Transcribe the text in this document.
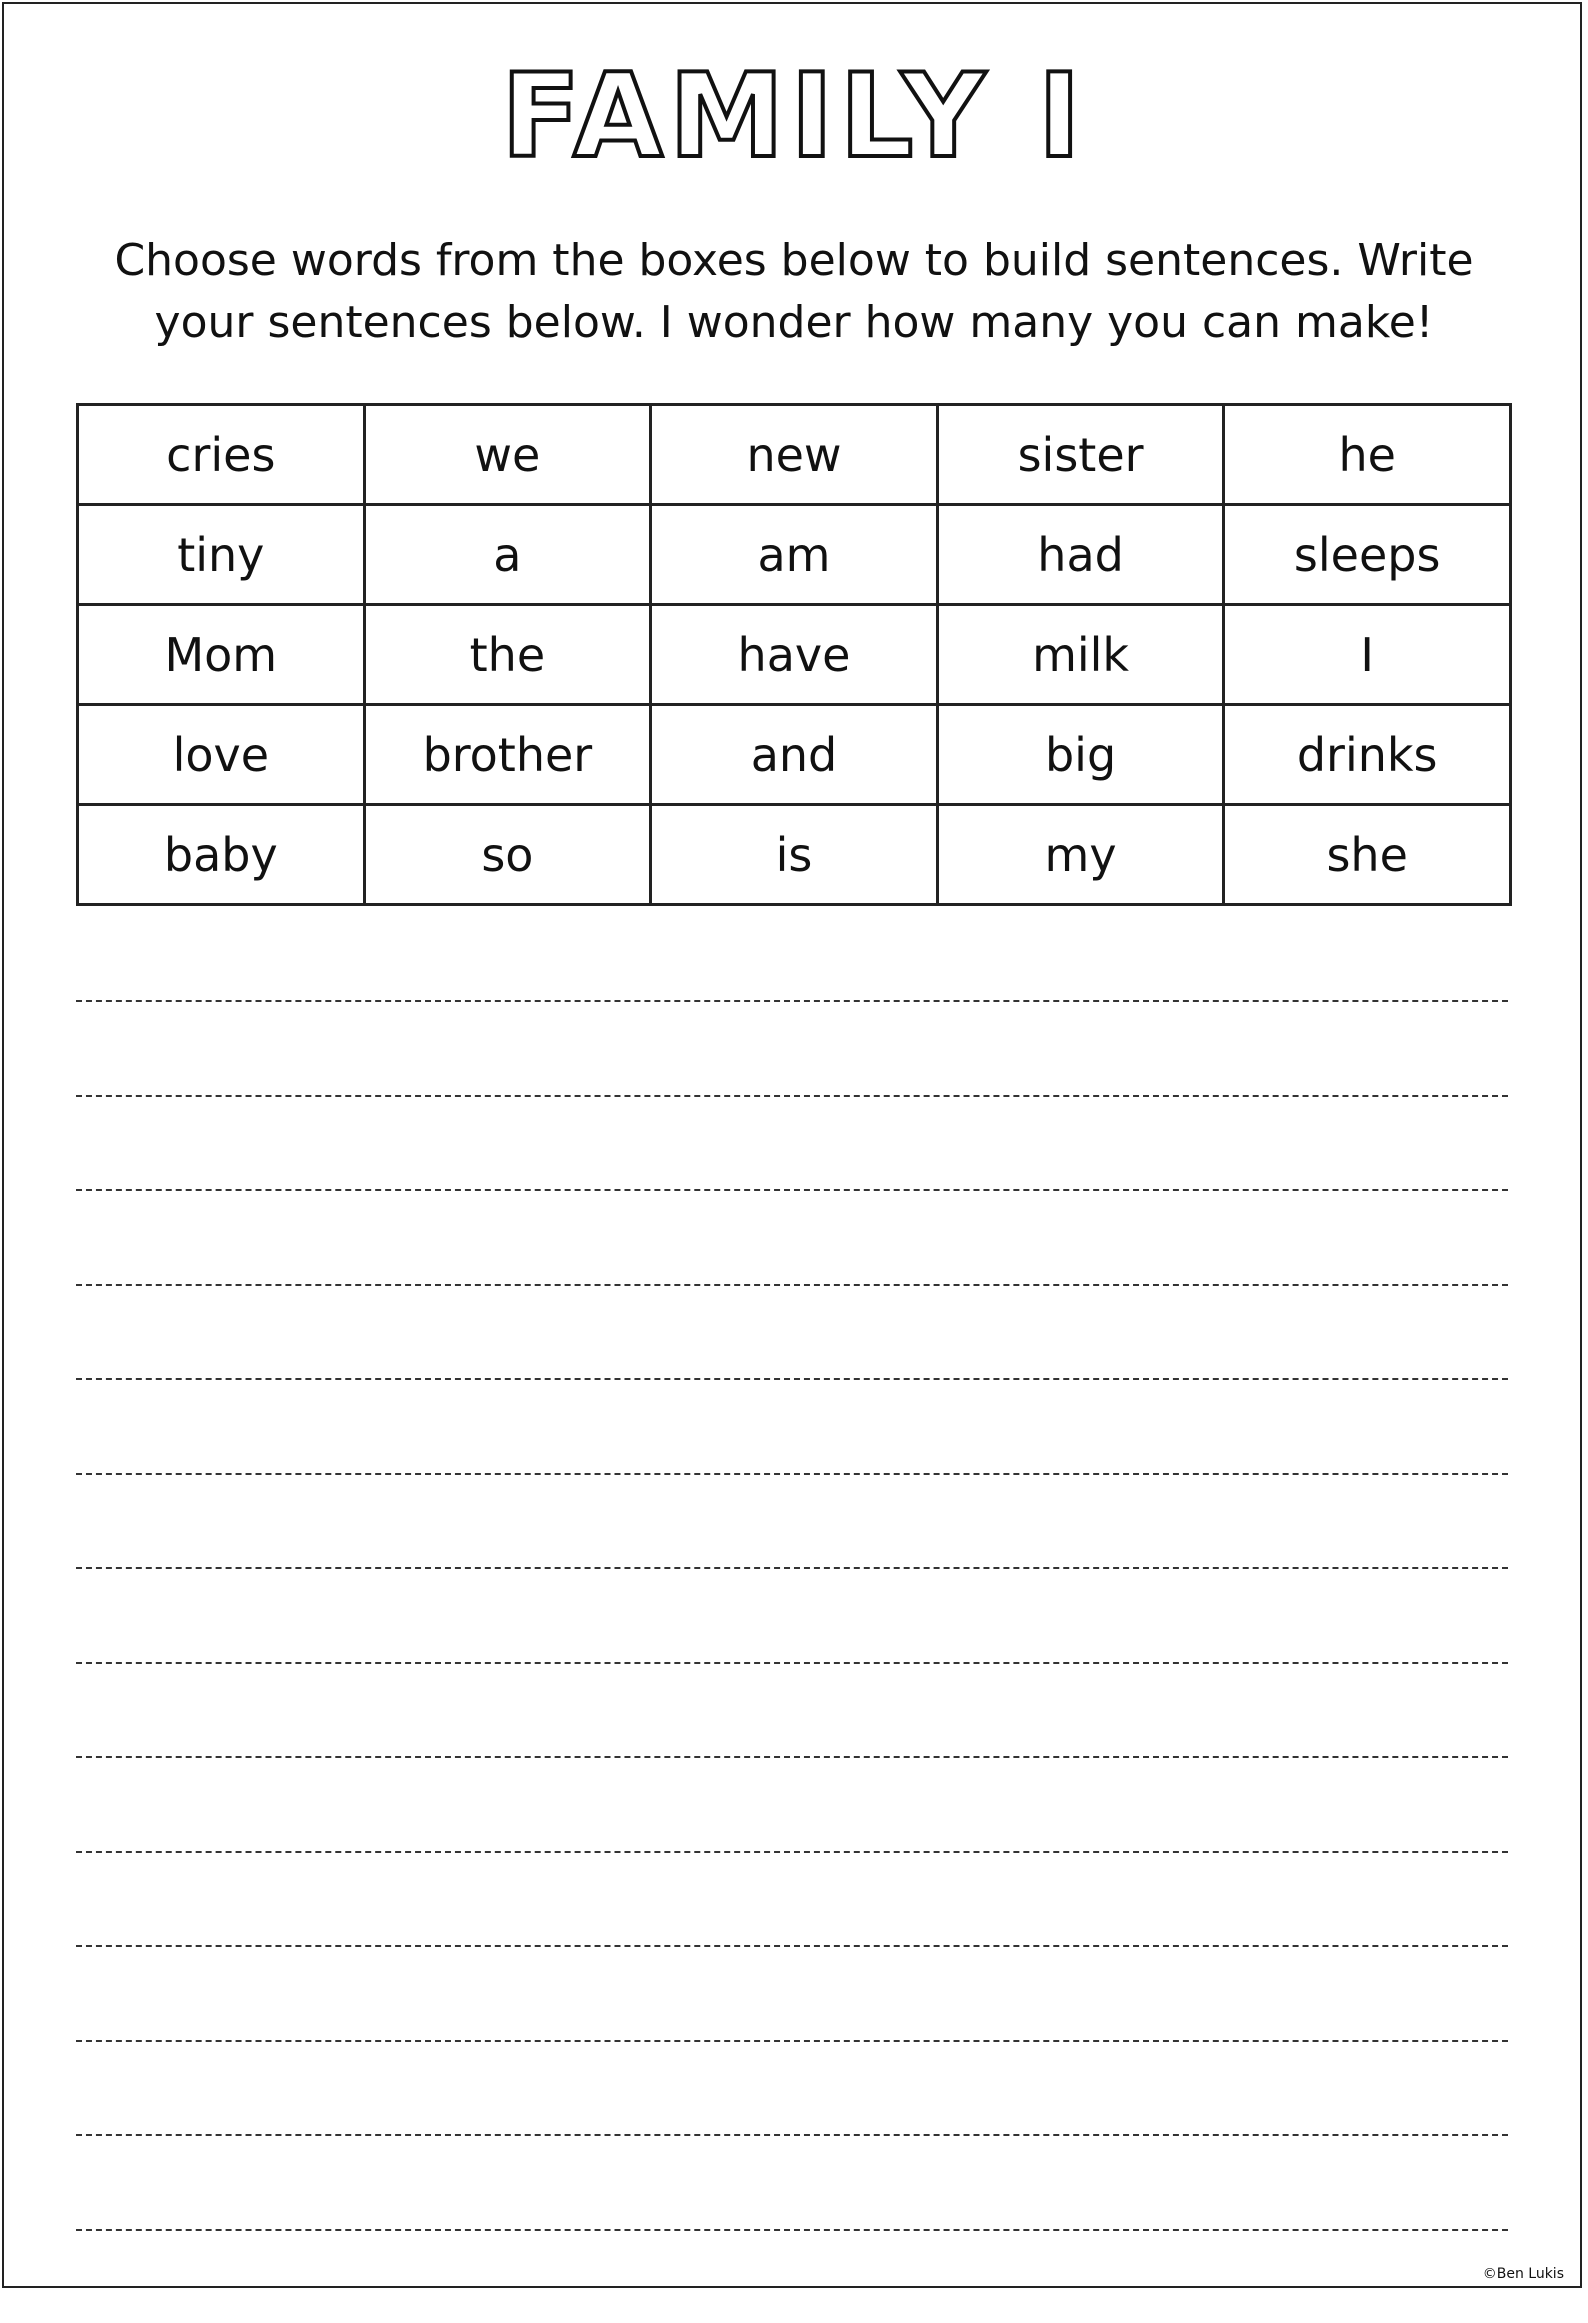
FAMILY I
Choose words from the boxes below to build sentences. Write your sentences below. I wonder how many you can make!
cries	we	new	sister	he
tiny	a	am	had	sleeps
Mom	the	have	milk	I
love	brother	and	big	drinks
baby	so	is	my	she
©Ben Lukis
